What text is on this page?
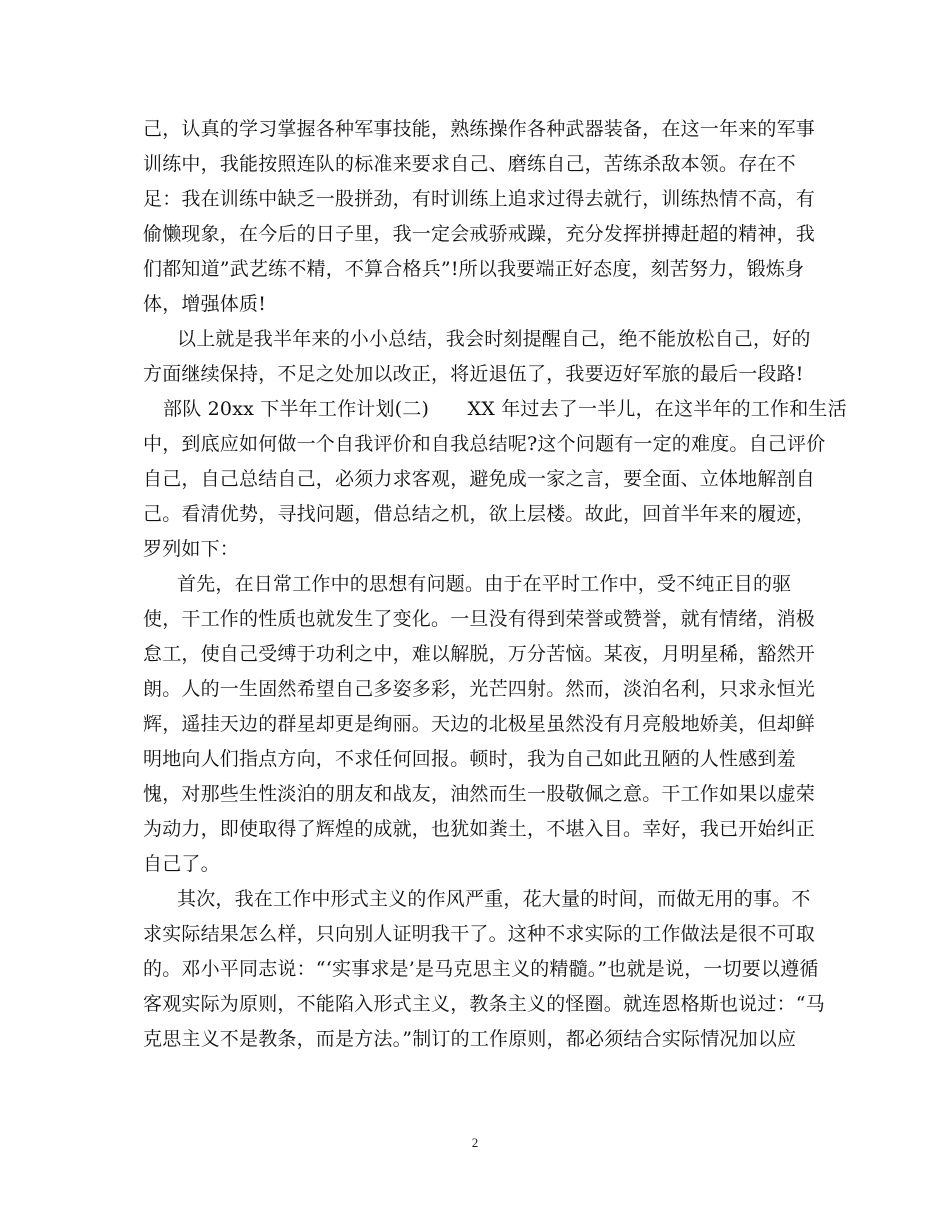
己，认真的学习掌握各种军事技能，熟练操作各种武器装备，在这一年来的军事
训练中，我能按照连队的标准来要求自己、磨练自己，苦练杀敌本领。存在不
足：我在训练中缺乏一股拼劲，有时训练上追求过得去就行，训练热情不高，有
偷懒现象，在今后的日子里，我一定会戒骄戒躁，充分发挥拼搏赶超的精神，我
们都知道”武艺练不精，不算合格兵”!所以我要端正好态度，刻苦努力，锻炼身
体，增强体质!
以上就是我半年来的小小总结，我会时刻提醒自己，绝不能放松自己，好的
方面继续保持，不足之处加以改正，将近退伍了，我要迈好军旅的最后一段路!
部队 20xx 下半年工作计划(二)　　XX 年过去了一半儿，在这半年的工作和生活
中，到底应如何做一个自我评价和自我总结呢?这个问题有一定的难度。自己评价
自己，自己总结自己，必须力求客观，避免成一家之言，要全面、立体地解剖自
己。看清优势，寻找问题，借总结之机，欲上层楼。故此，回首半年来的履迹，
罗列如下：
首先，在日常工作中的思想有问题。由于在平时工作中，受不纯正目的驱
使，干工作的性质也就发生了变化。一旦没有得到荣誉或赞誉，就有情绪，消极
怠工，使自己受缚于功利之中，难以解脱，万分苦恼。某夜，月明星稀，豁然开
朗。人的一生固然希望自己多姿多彩，光芒四射。然而，淡泊名利，只求永恒光
辉，遥挂天边的群星却更是绚丽。天边的北极星虽然没有月亮般地娇美，但却鲜
明地向人们指点方向，不求任何回报。顿时，我为自己如此丑陋的人性感到羞
愧，对那些生性淡泊的朋友和战友，油然而生一股敬佩之意。干工作如果以虚荣
为动力，即使取得了辉煌的成就，也犹如粪土，不堪入目。幸好，我已开始纠正
自己了。
其次，我在工作中形式主义的作风严重，花大量的时间，而做无用的事。不
求实际结果怎么样，只向别人证明我干了。这种不求实际的工作做法是很不可取
的。邓小平同志说：“‘实事求是’是马克思主义的精髓。”也就是说，一切要以遵循
客观实际为原则，不能陷入形式主义，教条主义的怪圈。就连恩格斯也说过：“马
克思主义不是教条，而是方法。”制订的工作原则，都必须结合实际情况加以应
2
